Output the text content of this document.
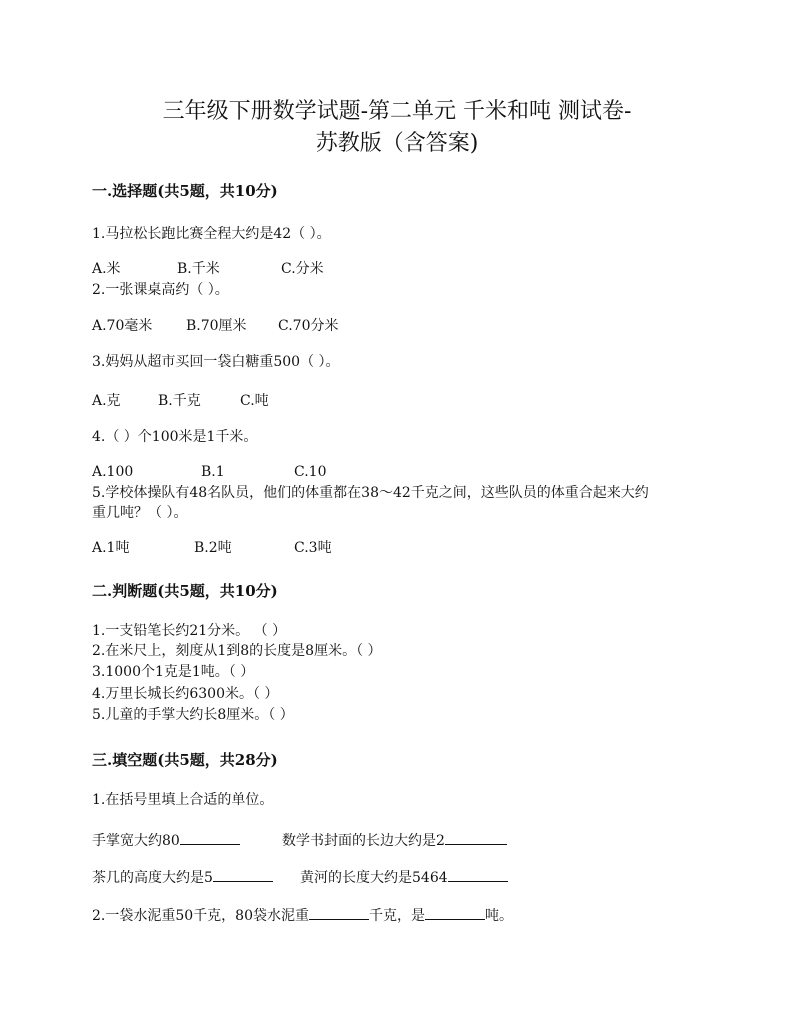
三年级下册数学试题-第二单元 千米和吨 测试卷-
苏教版（含答案)
一.选择题(共5题，共10分)
1.马拉松长跑比赛全程大约是42（ ）。
A.米	B.千米	C.分米
2.一张课桌高约（ ）。
A.70毫米 B.70厘米 C.70分米
3.妈妈从超市买回一袋白糖重500（ ）。
A.克	B.千克	C.吨
4.（ ）个100米是1千米。
A.100	B.1	C.10
5.学校体操队有48名队员，他们的体重都在38～42千克之间，这些队员的体重合起来大约
重几吨？（ ）。
A.1吨	B.2吨	C.3吨
二.判断题(共5题，共10分)
1.一支铅笔长约21分米。 （ ）
2.在米尺上，刻度从1到8的长度是8厘米。（ ）
3.1000个1克是1吨。（ ）
4.万里长城长约6300米。（ ）
5.儿童的手掌大约长8厘米。（ ）
三.填空题(共5题，共28分)
1.在括号里填上合适的单位。
手掌宽大约80	数学书封面的长边大约是2
茶几的高度大约是5	黄河的长度大约是5464
2.一袋水泥重50千克，80袋水泥重	千克，是	吨。
